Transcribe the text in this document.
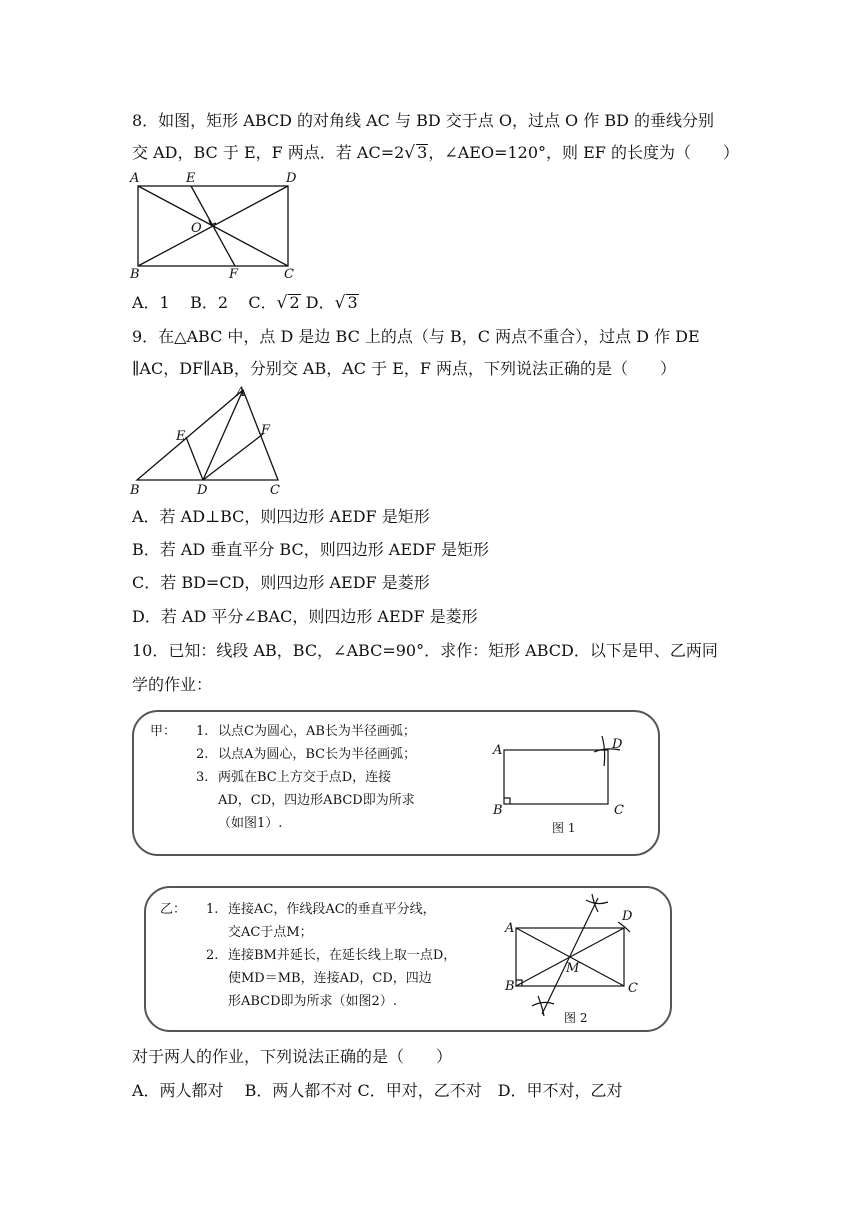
8．如图，矩形 ABCD 的对角线 AC 与 BD 交于点 O，过点 O 作 BD 的垂线分别
交 AD，BC 于 E，F 两点．若 AC=2√ 3，∠AEO=120°，则 EF 的长度为（　　）
A	E	D
O
B	F	C
A．1 B．2 C．√ 2 D．√ 3
9．在△ABC 中，点 D 是边 BC 上的点（与 B，C 两点不重合），过点 D 作 DE
∥AC，DF∥AB，分别交 AB，AC 于 E，F 两点，下列说法正确的是（　　）
A
E	F
B	D	C
A．若 AD⊥BC，则四边形 AEDF 是矩形
B．若 AD 垂直平分 BC，则四边形 AEDF 是矩形
C．若 BD=CD，则四边形 AEDF 是菱形
D．若 AD 平分∠BAC，则四边形 AEDF 是菱形
10．已知：线段 AB，BC，∠ABC=90°．求作：矩形 ABCD．以下是甲、乙两同
学的作业：
甲： 1. 以点C为圆心，AB长为半径画弧；
2. 以点A为圆心，BC长为半径画弧；
3. 两弧在BC上方交于点D，连接
AD，CD，四边形ABCD即为所求
（如图1）.
A	D
B	C
图 1
乙： 1. 连接AC，作线段AC的垂直平分线，
交AC于点M；
2. 连接BM并延长，在延长线上取一点D，
使MD＝MB，连接AD，CD，四边
形ABCD即为所求（如图2）.
A
D
M
B	C
图 2
对于两人的作业，下列说法正确的是（　　）
A．两人都对　 B．两人都不对 C．甲对，乙不对　D．甲不对，乙对
